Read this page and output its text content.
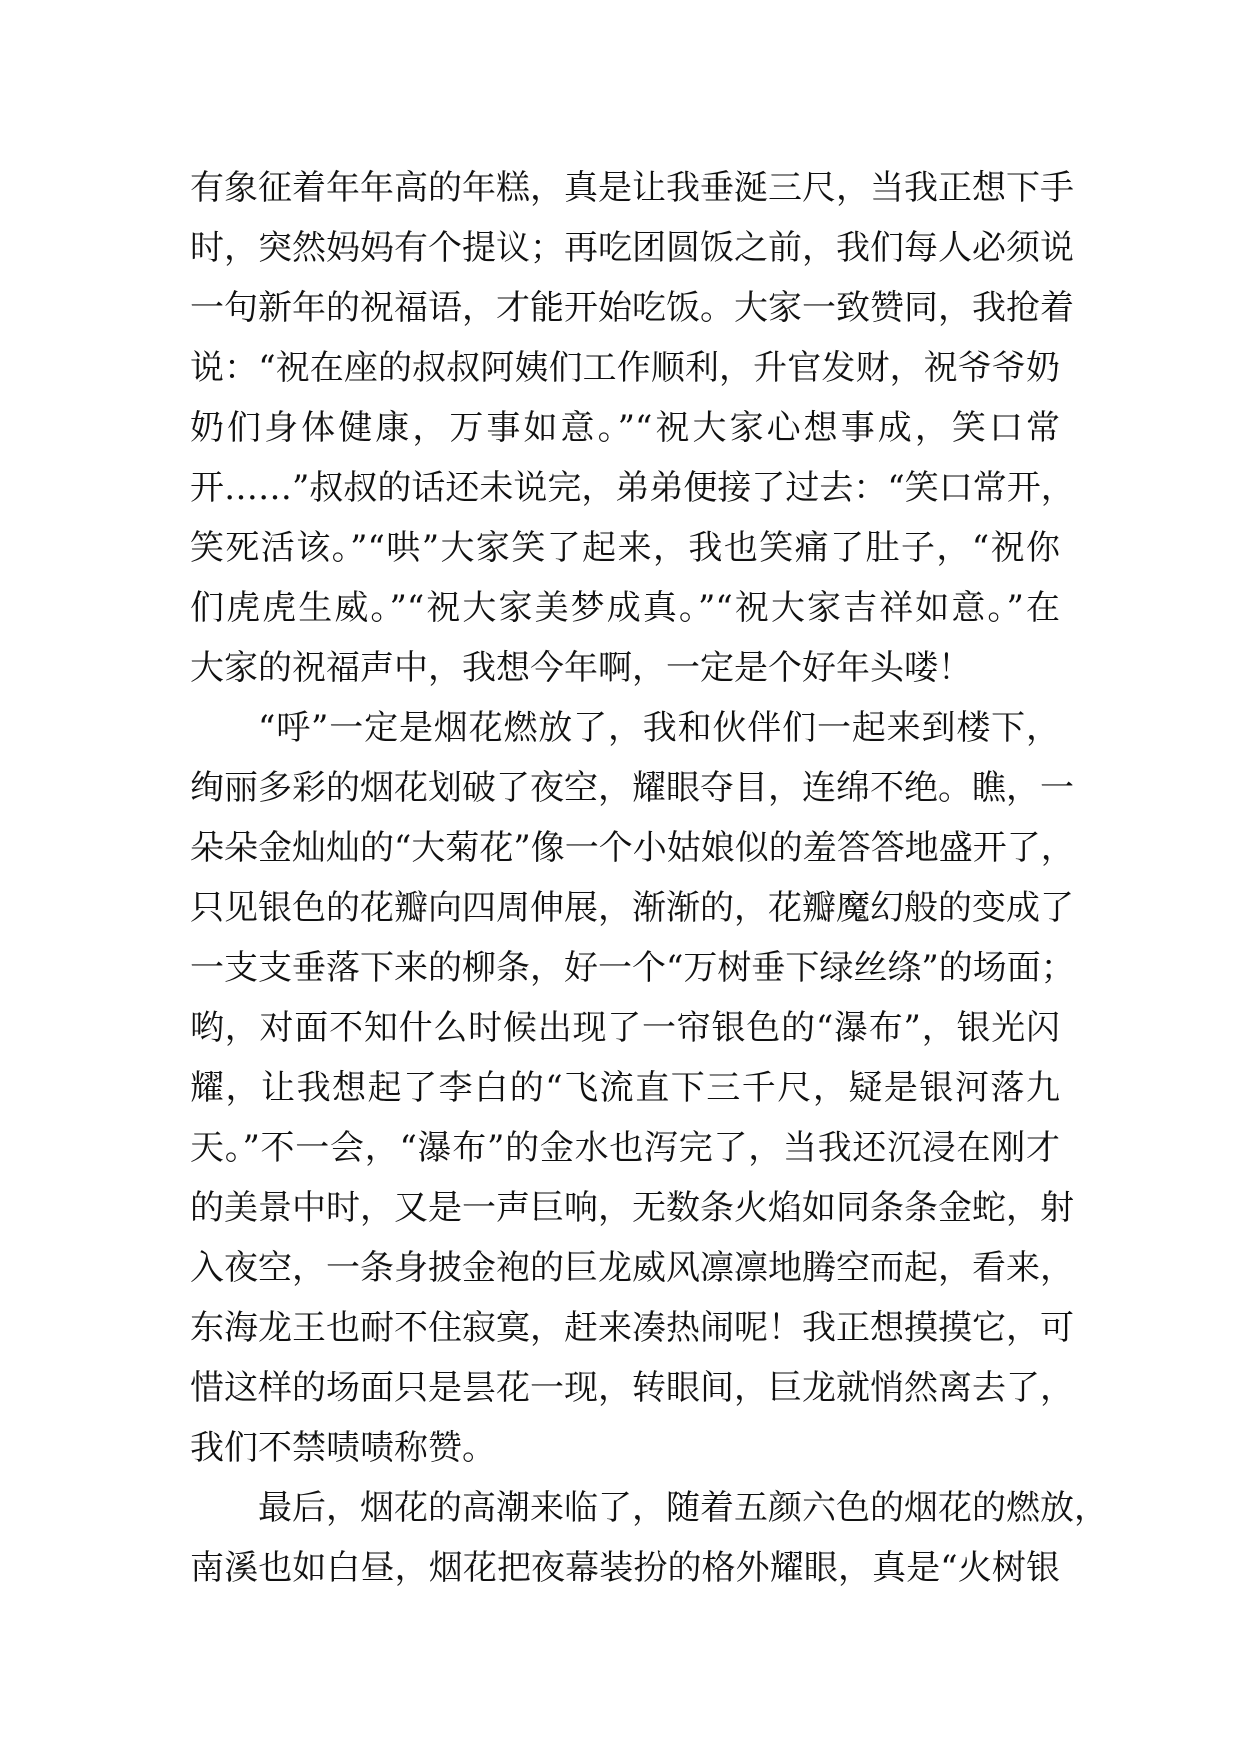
有象征着年年高的年糕，真是让我垂涎三尺，当我正想下手
时，突然妈妈有个提议；再吃团圆饭之前，我们每人必须说
一句新年的祝福语，才能开始吃饭。大家一致赞同，我抢着
说：“祝在座的叔叔阿姨们工作顺利，升官发财，祝爷爷奶
奶们身体健康，万事如意。”“祝大家心想事成，笑口常
开……”叔叔的话还未说完，弟弟便接了过去：“笑口常开，
笑死活该。”“哄”大家笑了起来，我也笑痛了肚子，“祝你
们虎虎生威。”“祝大家美梦成真。”“祝大家吉祥如意。”在
大家的祝福声中，我想今年啊，一定是个好年头喽！
“呼”一定是烟花燃放了，我和伙伴们一起来到楼下，
绚丽多彩的烟花划破了夜空，耀眼夺目，连绵不绝。瞧，一
朵朵金灿灿的“大菊花”像一个小姑娘似的羞答答地盛开了，
只见银色的花瓣向四周伸展，渐渐的，花瓣魔幻般的变成了
一支支垂落下来的柳条，好一个“万树垂下绿丝绦”的场面；
哟，对面不知什么时候出现了一帘银色的“瀑布”，银光闪
耀，让我想起了李白的“飞流直下三千尺，疑是银河落九
天。”不一会，“瀑布”的金水也泻完了，当我还沉浸在刚才
的美景中时，又是一声巨响，无数条火焰如同条条金蛇，射
入夜空，一条身披金袍的巨龙威风凛凛地腾空而起，看来，
东海龙王也耐不住寂寞，赶来凑热闹呢！我正想摸摸它，可
惜这样的场面只是昙花一现，转眼间，巨龙就悄然离去了，
我们不禁啧啧称赞。
最后，烟花的高潮来临了，随着五颜六色的烟花的燃放，
南溪也如白昼，烟花把夜幕装扮的格外耀眼，真是“火树银
